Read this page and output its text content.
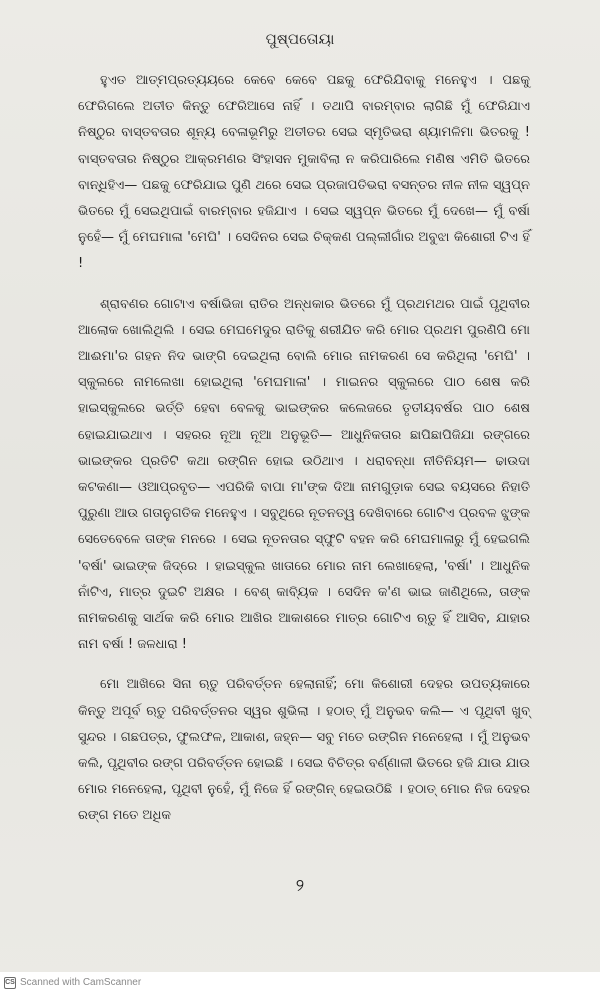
ପୁଷ୍ପତୋୟା

ହୁଏତ ଆତ୍ମପ୍ରତ୍ୟୟରେ କେବେ କେବେ ପଛକୁ ଫେରିଯିବାକୁ ମନେହୁଏ । ପଛକୁ ଫେରିଗଲେ ଅତୀତ କିନ୍ତୁ ଫେରିଆସେ ନାହିଁ । ତଥାପି ବାରମ୍ବାର ଲାଗିଛି ମୁଁ ଫେରିଯାଏ ନିଷ୍ଠୁର ବାସ୍ତବତାର ଶୂନ୍ୟ ବେଳାଭୂମିରୁ ଅତୀତର ସେଇ ସ୍ମୃତିଭରା ଶ୍ୟାମଳିମା ଭିତରକୁ ! ବାସ୍ତବତାର ନିଷ୍ଠୁର ଆକ୍ରମଣର ସିଂହାସନ ମୁକାବିଲା ନ କରିପାରିଲେ ମଣିଷ ଏମିତି ଭିତରେ ବାନ୍ଧିହିଏ— ପଛକୁ ଫେରିଯାଇ ପୁଣି ଥରେ ସେଇ ପ୍ରଜାପତିଭରା ବସନ୍ତର ନୀଳ ନୀଳ ସ୍ୱପ୍ନ ଭିତରେ ମୁଁ ସେଇଥିପାଇଁ ବାରମ୍ବାର ହଜିଯାଏ । ସେଇ ସ୍ୱପ୍ନ ଭିତରେ ମୁଁ ଦେଖେ— ମୁଁ ବର୍ଷା ନୁହେଁ— ମୁଁ ମେଘମାଳା 'ମେଘି' । ସେଦିନର ସେଇ ଚିକ୍କଣ ପଲ୍ଲୀଗାଁର ଅବୁଝା କିଶୋରୀ ଟିଏ ହିଁ !

ଶ୍ରାବଣର ଗୋଟାଏ ବର୍ଷାଭିଜା ରାତିର ଅନ୍ଧକାର ଭିତରେ ମୁଁ ପ୍ରଥମଥର ପାଇଁ ପୃଥିବୀର ଆଲୋକ ଖୋଲିଥିଲି । ସେଇ ମେଘମେଦୁର ରାତିକୁ ଶରୀଯିତ କରି ମୋର ପ୍ରଥମ ପୁରଣିପି ମୋ ଆଈମା'ର ଗହନ ନିଦ ଭାଙ୍ଗି ଦେଇଥିଲା ବୋଲି ମୋର ନାମକରଣ ସେ କରିଥିଲା 'ମେଘି' । ସ୍କୁଲରେ ନାମଲେଖା ହୋଇଥିଲା 'ମେଘମାଳା' । ମାଇନର ସ୍କୁଲରେ ପାଠ ଶେଷ କରି ହାଇସ୍କୁଲରେ ଭର୍ତ୍ତି ହେବା ବେଳକୁ ଭାଇଙ୍କର କଲେଜରେ ତୃତୀୟବର୍ଷର ପାଠ ଶେଷ ହୋଇଯାଇଥାଏ । ସହରର ନୂଆ ନୂଆ ଅନୁଭୂତି— ଆଧୁନିକତାର ଛାପିଛାପିଜିଯା ରଙ୍ଗରେ ଭାଇଙ୍କର ପ୍ରତିଟି କଥା ରଙ୍ଗିନ ହୋଇ ଉଠିଥାଏ । ଧରାବନ୍ଧା ନୀତିନିୟମ— ଢାଉଦା କଟକଣା— ଓଆପ୍ରବୃତ— ଏପରିକି ବାପା ମା'ଙ୍କ ଦିଆ ନାମଗୁଡ଼ାକ ସେଇ ବୟସରେ ନିହାତି ପୁରୁଣା ଆଉ ଗତାନୁଗତିକ ମନେହୁଏ । ସବୁଥିରେ ନୂତନତ୍ୱ ଦେଖିବାରେ ଗୋଟିଏ ପ୍ରବଳ ଝୁଙ୍କ ସେତେବେଳେ ତାଙ୍କ ମନରେ । ସେଇ ନୂତନତାର ସ୍ଫୁଟି ବହନ କରି ମେଘମାଳାରୁ ମୁଁ ହେଇଗଲି 'ବର୍ଷା' ଭାଇଙ୍କ ଜିଦ୍‌ରେ । ହାଇସ୍କୁଲ ଖାତାରେ ମୋର ନାମ ଲେଖାହେଲା, 'ବର୍ଷା' । ଆଧୁନିକ ନାଁଟିଏ, ମାତ୍ର ଦୁଇଟି ଅକ୍ଷର । ବେଶ୍ କାବ୍ୟିକ । ସେଦିନ କ'ଣ ଭାଇ ଜାଣିଥିଲେ, ତାଙ୍କ ନାମକରଣକୁ ସାର୍ଥକ କରି ମୋର ଆଖିର ଆକାଶରେ ମାତ୍ର ଗୋଟିଏ ଋତୁ ହିଁ ଆସିବ, ଯାହାର ନାମ ବର୍ଷା ! ଜଳଧାରା !

ମୋ ଆଖିରେ ସିନା ଋତୁ ପରିବର୍ତ୍ତନ ହେଲାନାହିଁ; ମୋ କିଶୋରୀ ଦେହର ଉପତ୍ୟକାରେ କିନ୍ତୁ ଅପୂର୍ବ ଋତୁ ପରିବର୍ତ୍ତନର ସ୍ୱର ଶୁଭିଲା । ହଠାତ୍ ମୁଁ ଅନୁଭବ କଲି— ଏ ପୃଥିବୀ ଖୁବ୍ ସୁନ୍ଦର । ଗଛପତ୍ର, ଫୁଲଫଳ, ଆକାଶ, ଜହ୍ନ— ସବୁ ମତେ ରଙ୍ଗିନ ମନେହେଲା । ମୁଁ ଅନୁଭବ କଲି, ପୃଥିବୀର ରଙ୍ଗ ପରିବର୍ତ୍ତନ ହୋଇଛି । ସେଇ ବିଚିତ୍ର ବର୍ଣ୍ଣାଳୀ ଭିତରେ ହଜି ଯାଉ ଯାଉ ମୋର ମନେହେଲା, ପୃଥିବୀ ନୁହେଁ, ମୁଁ ନିଜେ ହିଁ ରଙ୍ଗିନ୍ ହେଇଉଠିଛି । ହଠାତ୍ ମୋର ନିଜ ଦେହର ରଙ୍ଗ ମତେ ଅଧିକ

୨
CS Scanned with CamScanner
